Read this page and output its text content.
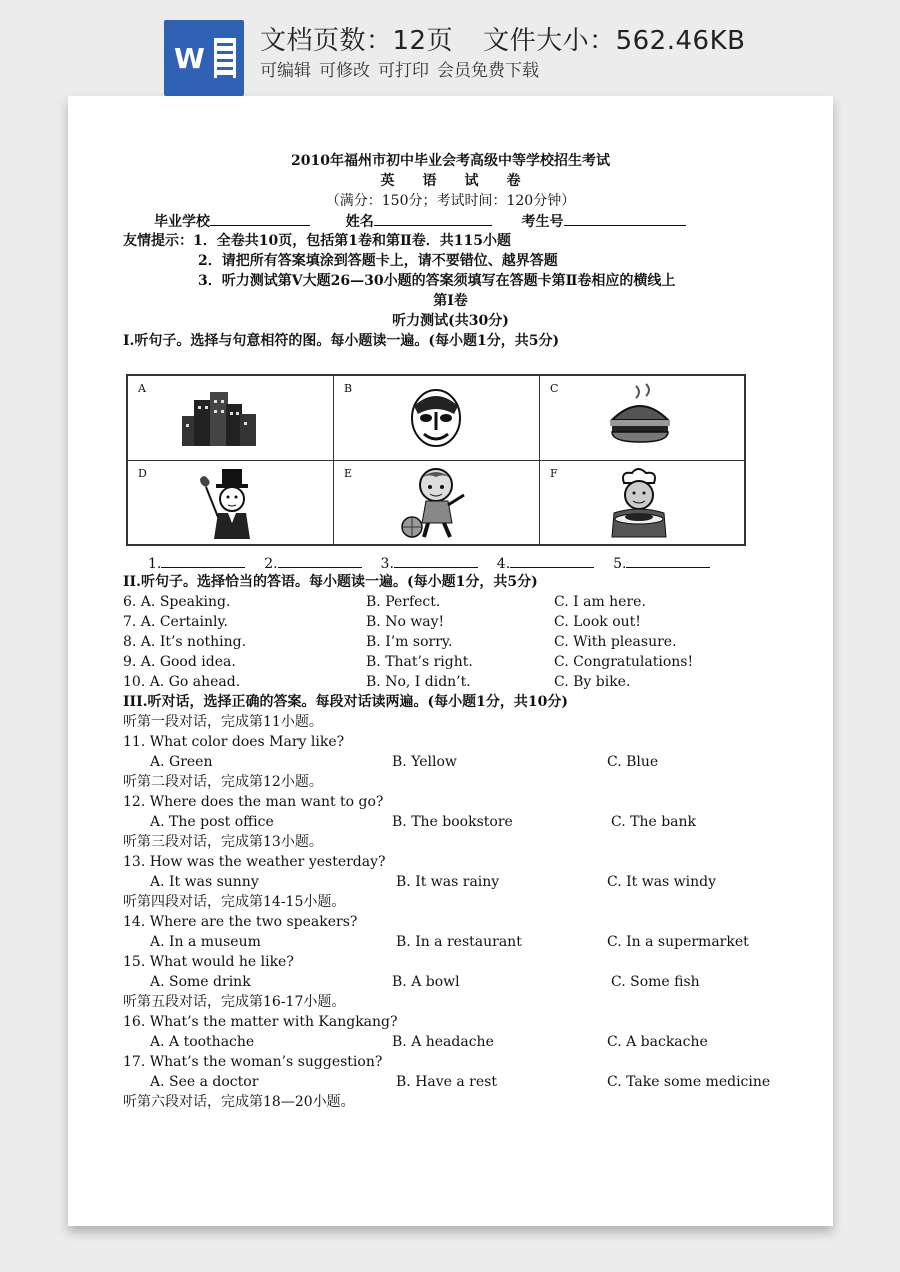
W
文档页数：12页 文件大小：562.46KB
可编辑 可修改 可打印 会员免费下载
2010年福州市初中毕业会考高级中等学校招生考试
英　　语　　试　　卷
（满分：150分；考试时间：120分钟）
毕业学校	姓名	考生号
友情提示：1．全卷共10页，包括第1卷和第Ⅱ卷．共115小题
2．请把所有答案填涂到答题卡上，请不要错位、越界答题
3．听力测试第V大题26—30小题的答案须填写在答题卡第Ⅱ卷相应的横线上
第I卷
听力测试(共30分)
I.听句子。选择与句意相符的图。每小题读一遍。(每小题1分，共5分)
A	B	C
D	E	F
1.	2.	3.	4.	5.
II.听句子。选择恰当的答语。每小题读一遍。(每小题1分，共5分)
6. A. Speaking.	B. Perfect.	C. I am here.
7. A. Certainly.	B. No way!	C. Look out!
8. A. It’s nothing.	B. I’m sorry.	C. With pleasure.
9. A. Good idea.	B. That’s right.	C. Congratulations!
10. A. Go ahead.	B. No, I didn’t.	C. By bike.
III.听对话，选择正确的答案。每段对话读两遍。(每小题1分，共10分)
听第一段对话，完成第11小题。
11. What color does Mary like?
A. Green	B. Yellow	C. Blue
听第二段对话，完成第12小题。
12. Where does the man want to go?
A. The post office	B. The bookstore	C. The bank
听第三段对话，完成第13小题。
13. How was the weather yesterday?
A. It was sunny	B. It was rainy	C. It was windy
听第四段对话，完成第14-15小题。
14. Where are the two speakers?
A. In a museum	B. In a restaurant	C. In a supermarket
15. What would he like?
A. Some drink	B. A bowl	C. Some fish
听第五段对话，完成第16-17小题。
16. What’s the matter with Kangkang?
A. A toothache	B. A headache	C. A backache
17. What’s the woman’s suggestion?
A. See a doctor	B. Have a rest	C. Take some medicine
听第六段对话，完成第18—20小题。
